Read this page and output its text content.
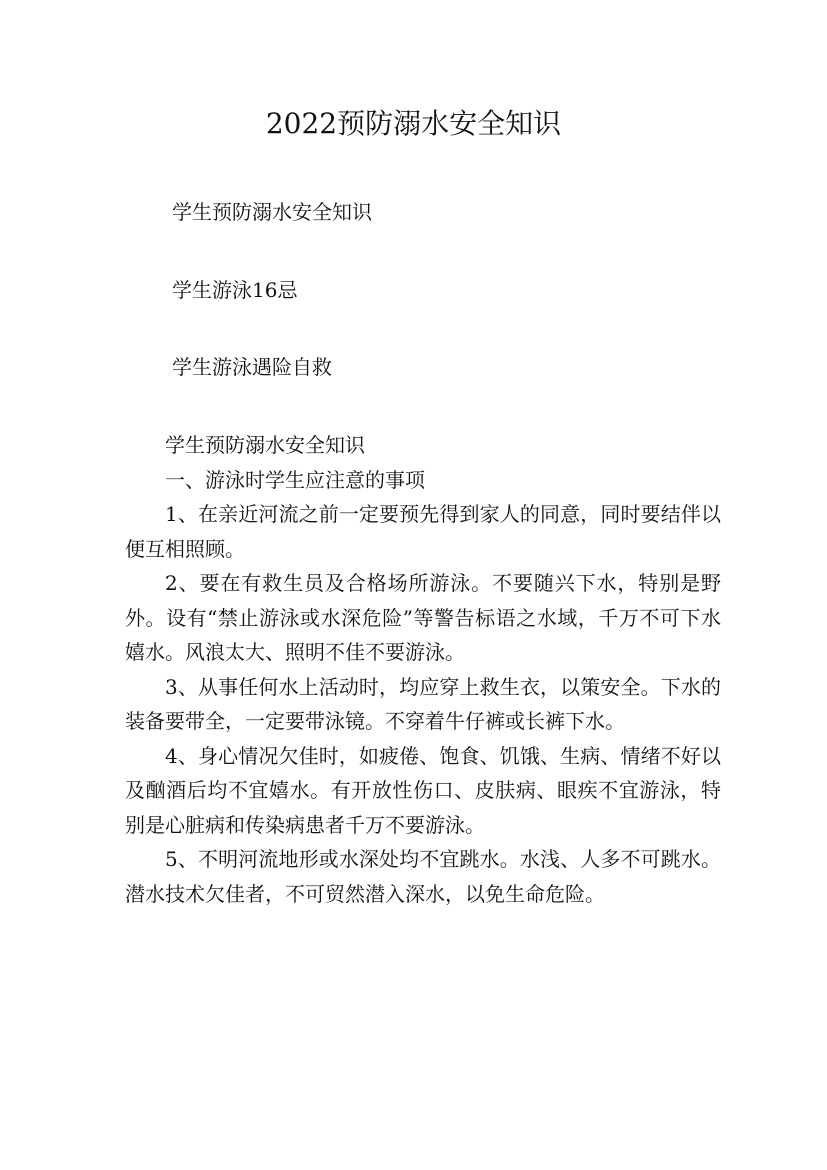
2022预防溺水安全知识

学生预防溺水安全知识

学生游泳16忌

学生游泳遇险自救

学生预防溺水安全知识

一、游泳时学生应注意的事项

1、在亲近河流之前一定要预先得到家人的同意，同时要结伴以便互相照顾。

2、要在有救生员及合格场所游泳。不要随兴下水，特别是野外。设有“禁止游泳或水深危险”等警告标语之水域，千万不可下水嬉水。风浪太大、照明不佳不要游泳。

3、从事任何水上活动时，均应穿上救生衣，以策安全。下水的装备要带全，一定要带泳镜。不穿着牛仔裤或长裤下水。

4、身心情况欠佳时，如疲倦、饱食、饥饿、生病、情绪不好以及酗酒后均不宜嬉水。有开放性伤口、皮肤病、眼疾不宜游泳，特别是心脏病和传染病患者千万不要游泳。

5、不明河流地形或水深处均不宜跳水。水浅、人多不可跳水。潜水技术欠佳者，不可贸然潜入深水，以免生命危险。
